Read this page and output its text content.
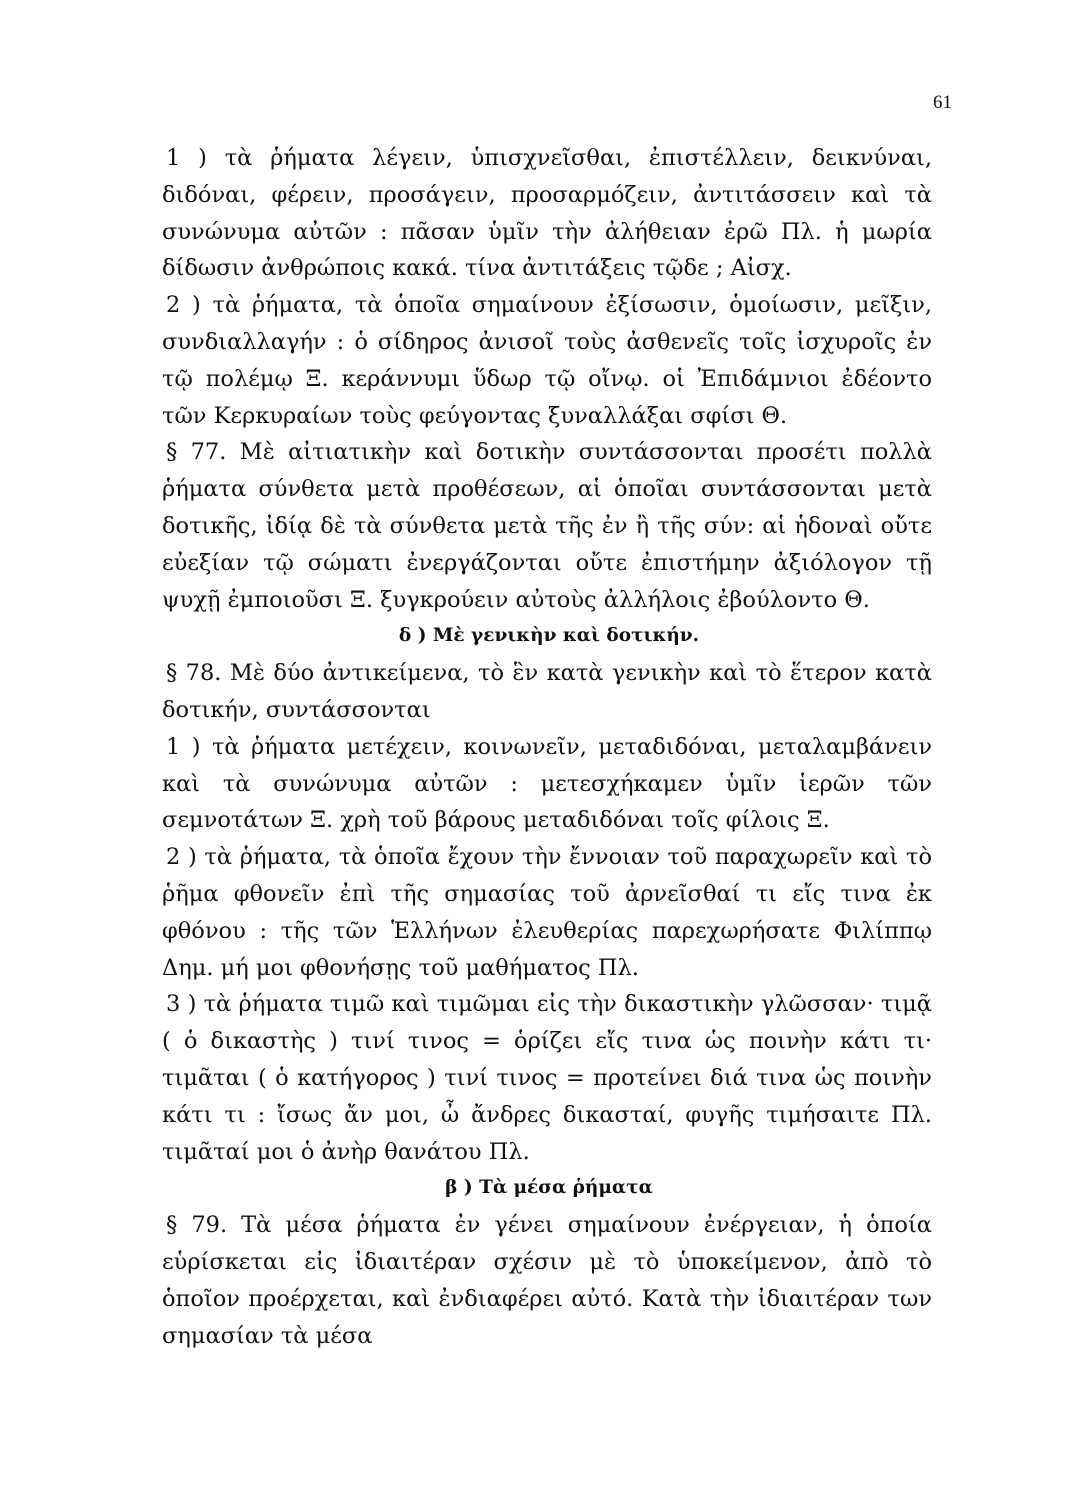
61

1 ) τὰ ῥήματα λέγειν, ὑπισχνεῖσθαι, ἐπιστέλλειν, δεικνύναι, διδόναι, φέρειν, προσάγειν, προσαρμόζειν, ἀντιτάσσειν καὶ τὰ συνώνυμα αὐτῶν : πᾶσαν ὑμῖν τὴν ἀλήθειαν ἐρῶ Πλ. ἡ μωρία δίδωσιν ἀνθρώποις κακά. τίνα ἀντιτάξεις τῷδε ; Αἰσχ.

2 ) τὰ ῥήματα, τὰ ὁποῖα σημαίνουν ἐξίσωσιν, ὁμοίωσιν, μεῖξιν, συνδιαλλαγήν : ὁ σίδηρος ἀνισοῖ τοὺς ἀσθενεῖς τοῖς ἰσχυροῖς ἐν τῷ πολέμῳ Ξ. κεράννυμι ὕδωρ τῷ οἴνῳ. οἱ Ἐπιδάμνιοι ἐδέοντο τῶν Κερκυραίων τοὺς φεύγοντας ξυναλλάξαι σφίσι Θ.

§ 77. Μὲ αἰτιατικὴν καὶ δοτικὴν συντάσσονται προσέτι πολλὰ ῥήματα σύνθετα μετὰ προθέσεων, αἱ ὁποῖαι συντάσσονται μετὰ δοτικῆς, ἰδίᾳ δὲ τὰ σύνθετα μετὰ τῆς ἐν ἢ τῆς σύν: αἱ ἡδοναὶ οὔτε εὐεξίαν τῷ σώματι ἐνεργάζονται οὔτε ἐπιστήμην ἀξιόλογον τῇ ψυχῇ ἐμποιοῦσι Ξ. ξυγκρούειν αὐτοὺς ἀλλήλοις ἐβούλοντο Θ.

δ ) Μὲ γενικὴν καὶ δοτικήν.

§ 78. Μὲ δύο ἀντικείμενα, τὸ ἓν κατὰ γενικὴν καὶ τὸ ἕτερον κατὰ δοτικήν, συντάσσονται

1 ) τὰ ῥήματα μετέχειν, κοινωνεῖν, μεταδιδόναι, μεταλαμβάνειν καὶ τὰ συνώνυμα αὐτῶν : μετεσχήκαμεν ὑμῖν ἱερῶν τῶν σεμνοτάτων Ξ. χρὴ τοῦ βάρους μεταδιδόναι τοῖς φίλοις Ξ.

2 ) τὰ ῥήματα, τὰ ὁποῖα ἔχουν τὴν ἔννοιαν τοῦ παραχωρεῖν καὶ τὸ ῥῆμα φθονεῖν ἐπὶ τῆς σημασίας τοῦ ἀρνεῖσθαί τι εἴς τινα ἐκ φθόνου : τῆς τῶν Ἑλλήνων ἐλευθερίας παρεχωρήσατε Φιλίππῳ Δημ. μή μοι φθονήσῃς τοῦ μαθήματος Πλ.

3 ) τὰ ῥήματα τιμῶ καὶ τιμῶμαι εἰς τὴν δικαστικὴν γλῶσσαν· τιμᾷ ( ὁ δικαστὴς ) τινί τινος = ὁρίζει εἴς τινα ὡς ποινὴν κάτι τι· τιμᾶται ( ὁ κατήγορος ) τινί τινος = προτείνει διά τινα ὡς ποινὴν κάτι τι : ἴσως ἄν μοι, ὦ ἄνδρες δικασταί, φυγῆς τιμήσαιτε Πλ. τιμᾶταί μοι ὁ ἀνὴρ θανάτου Πλ.

β ) Τὰ μέσα ῥήματα

§ 79. Τὰ μέσα ῥήματα ἐν γένει σημαίνουν ἐνέργειαν, ἡ ὁποία εὑρίσκεται εἰς ἰδιαιτέραν σχέσιν μὲ τὸ ὑποκείμενον, ἀπὸ τὸ ὁποῖον προέρχεται, καὶ ἐνδιαφέρει αὐτό. Κατὰ τὴν ἰδιαιτέραν των σημασίαν τὰ μέσα
